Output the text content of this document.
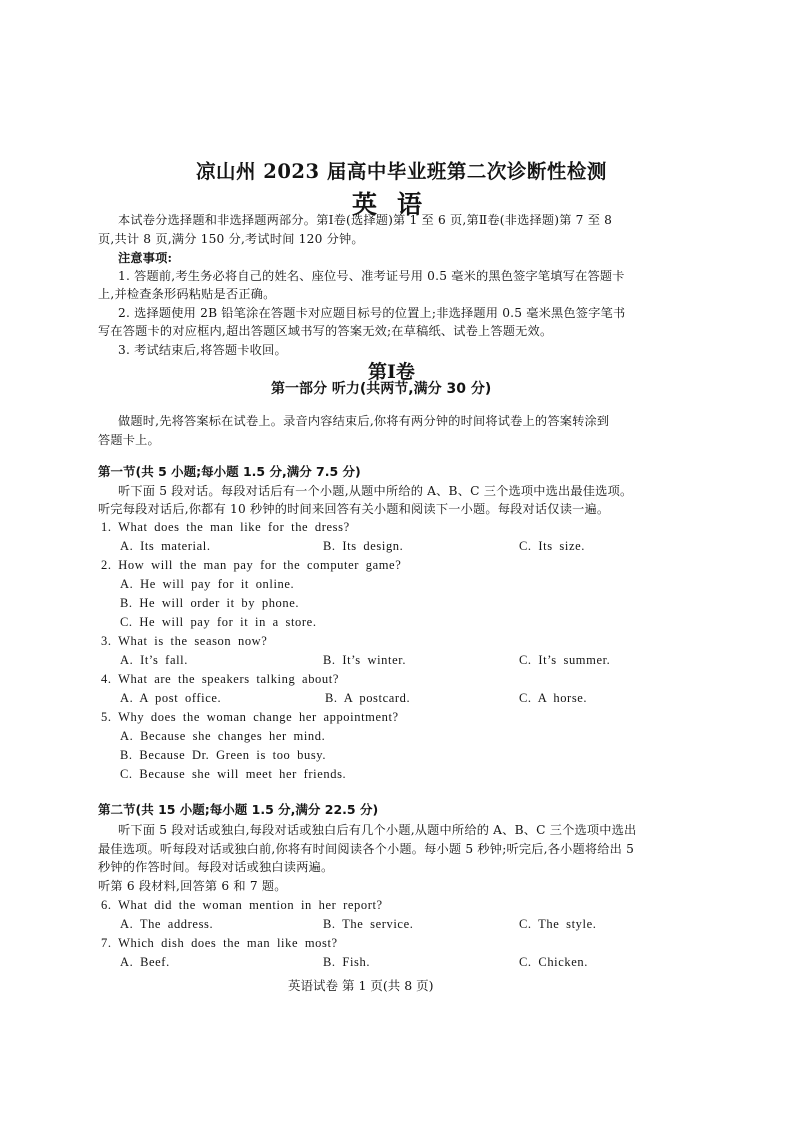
凉山州 2023 届高中毕业班第二次诊断性检测
英语
本试卷分选择题和非选择题两部分。第Ⅰ卷(选择题)第 1 至 6 页,第Ⅱ卷(非选择题)第 7 至 8
页,共计 8 页,满分 150 分,考试时间 120 分钟。
注意事项:
1. 答题前,考生务必将自己的姓名、座位号、准考证号用 0.5 毫米的黑色签字笔填写在答题卡
上,并检查条形码粘贴是否正确。
2. 选择题使用 2B 铅笔涂在答题卡对应题目标号的位置上;非选择题用 0.5 毫米黑色签字笔书
写在答题卡的对应框内,超出答题区域书写的答案无效;在草稿纸、试卷上答题无效。
3. 考试结束后,将答题卡收回。
第Ⅰ卷
第一部分 听力(共两节,满分 30 分)
做题时,先将答案标在试卷上。录音内容结束后,你将有两分钟的时间将试卷上的答案转涂到
答题卡上。
第一节(共 5 小题;每小题 1.5 分,满分 7.5 分)
听下面 5 段对话。每段对话后有一个小题,从题中所给的 A、B、C 三个选项中选出最佳选项。
听完每段对话后,你都有 10 秒钟的时间来回答有关小题和阅读下一小题。每段对话仅读一遍。
1. What does the man like for the dress?
A. Its material.	B. Its design.	C. Its size.
2. How will the man pay for the computer game?
A. He will pay for it online.
B. He will order it by phone.
C. He will pay for it in a store.
3. What is the season now?
A. It’s fall.	B. It’s winter.	C. It’s summer.
4. What are the speakers talking about?
A. A post office.	B. A postcard.	C. A horse.
5. Why does the woman change her appointment?
A. Because she changes her mind.
B. Because Dr. Green is too busy.
C. Because she will meet her friends.
第二节(共 15 小题;每小题 1.5 分,满分 22.5 分)
听下面 5 段对话或独白,每段对话或独白后有几个小题,从题中所给的 A、B、C 三个选项中选出
最佳选项。听每段对话或独白前,你将有时间阅读各个小题。每小题 5 秒钟;听完后,各小题将给出 5
秒钟的作答时间。每段对话或独白读两遍。
听第 6 段材料,回答第 6 和 7 题。
6. What did the woman mention in her report?
A. The address.	B. The service.	C. The style.
7. Which dish does the man like most?
A. Beef.	B. Fish.	C. Chicken.
英语试卷 第 1 页(共 8 页)
